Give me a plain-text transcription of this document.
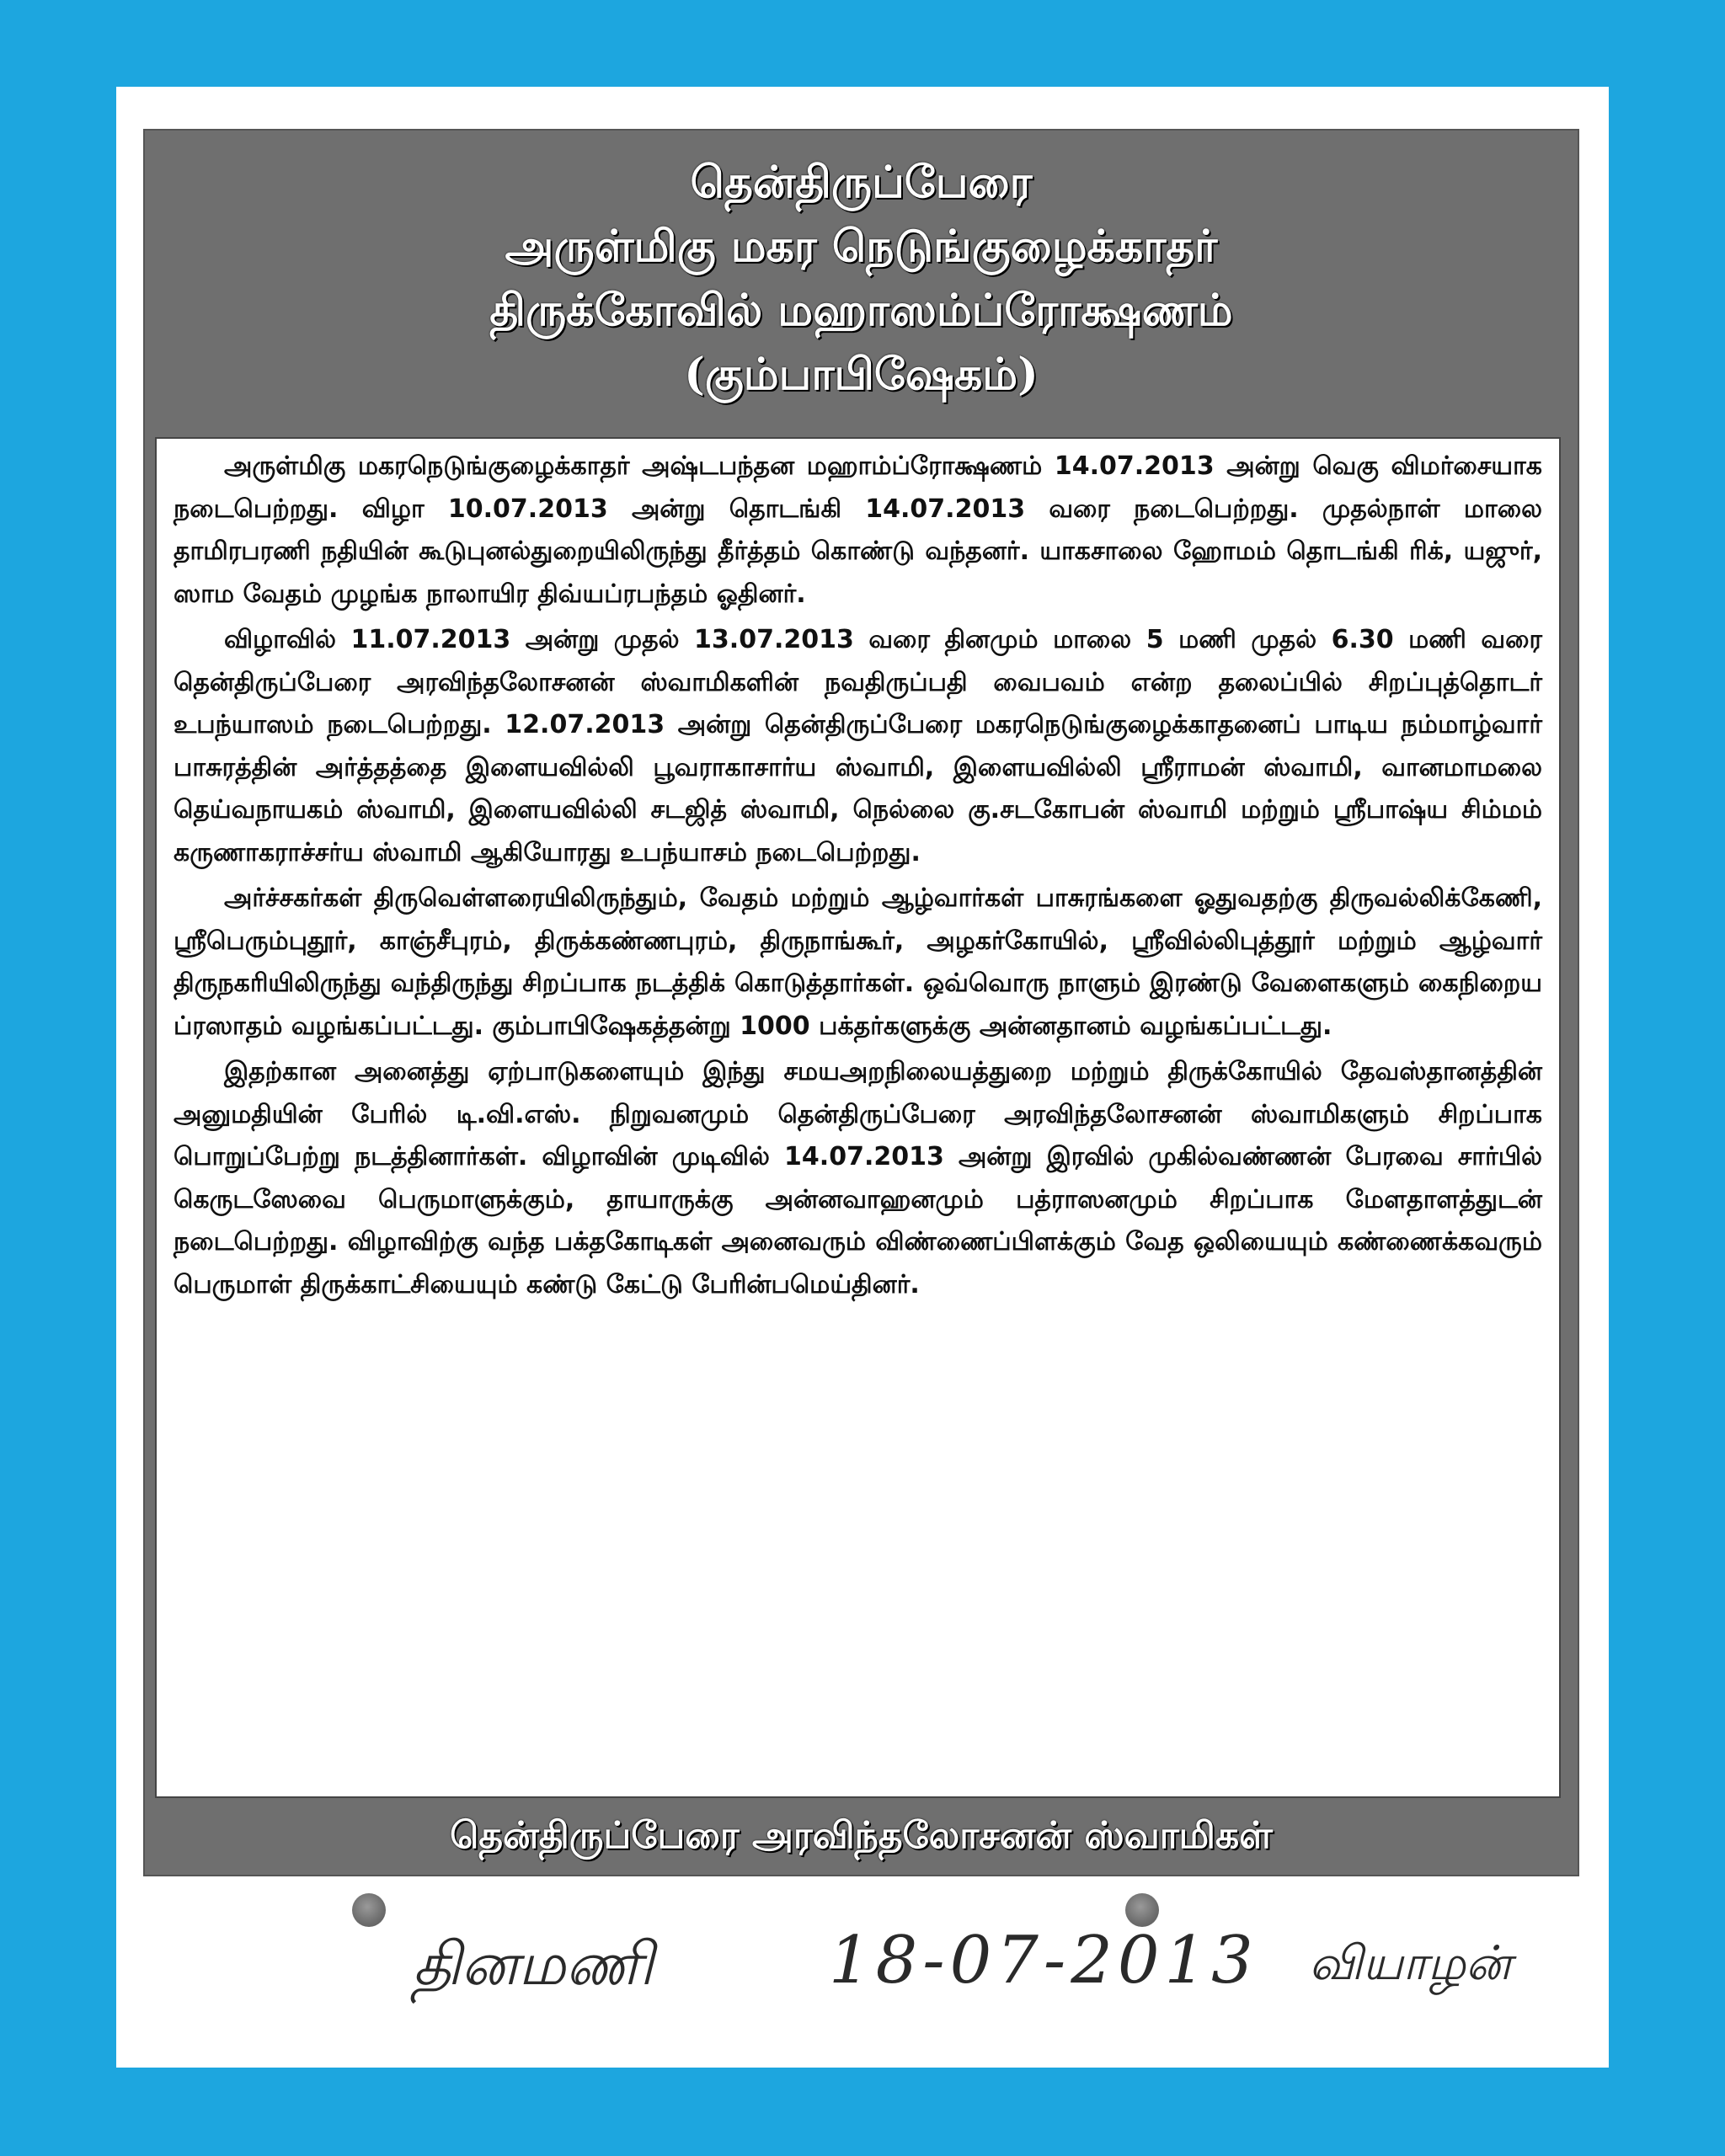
தென்திருப்பேரை
அருள்மிகு மகர நெடுங்குழைக்காதர்
திருக்கோவில் மஹாஸம்ப்ரோக்ஷணம்
(கும்பாபிஷேகம்)

அருள்மிகு மகரநெடுங்குழைக்காதர் அஷ்டபந்தன மஹாம்ப்ரோக்ஷணம் 14.07.2013 அன்று வெகு விமர்சையாக நடைபெற்றது. விழா 10.07.2013 அன்று தொடங்கி 14.07.2013 வரை நடைபெற்றது. முதல்நாள் மாலை தாமிரபரணி நதியின் கூடுபுனல்துறையிலிருந்து தீர்த்தம் கொண்டு வந்தனர். யாகசாலை ஹோமம் தொடங்கி ரிக், யஜுர், ஸாம வேதம் முழங்க நாலாயிர திவ்யப்ரபந்தம் ஓதினர்.

விழாவில் 11.07.2013 அன்று முதல் 13.07.2013 வரை தினமும் மாலை 5 மணி முதல் 6.30 மணி வரை தென்திருப்பேரை அரவிந்தலோசனன் ஸ்வாமிகளின் நவதிருப்பதி வைபவம் என்ற தலைப்பில் சிறப்புத்தொடர் உபந்யாஸம் நடைபெற்றது. 12.07.2013 அன்று தென்திருப்பேரை மகரநெடுங்குழைக்காதனைப் பாடிய நம்மாழ்வார் பாசுரத்தின் அர்த்தத்தை இளையவில்லி பூவராகாசார்ய ஸ்வாமி, இளையவில்லி ஸ்ரீராமன் ஸ்வாமி, வானமாமலை தெய்வநாயகம் ஸ்வாமி, இளையவில்லி சடஜித் ஸ்வாமி, நெல்லை கு.சடகோபன் ஸ்வாமி மற்றும் ஸ்ரீபாஷ்ய சிம்மம் கருணாகராச்சர்ய ஸ்வாமி ஆகியோரது உபந்யாசம் நடைபெற்றது.

அர்ச்சகர்கள் திருவெள்ளரையிலிருந்தும், வேதம் மற்றும் ஆழ்வார்கள் பாசுரங்களை ஓதுவதற்கு திருவல்லிக்கேணி, ஸ்ரீபெரும்புதூர், காஞ்சீபுரம், திருக்கண்ணபுரம், திருநாங்கூர், அழகர்கோயில், ஸ்ரீவில்லிபுத்தூர் மற்றும் ஆழ்வார் திருநகரியிலிருந்து வந்திருந்து சிறப்பாக நடத்திக் கொடுத்தார்கள். ஒவ்வொரு நாளும் இரண்டு வேளைகளும் கைநிறைய ப்ரஸாதம் வழங்கப்பட்டது. கும்பாபிஷேகத்தன்று 1000 பக்தர்களுக்கு அன்னதானம் வழங்கப்பட்டது.

இதற்கான அனைத்து ஏற்பாடுகளையும் இந்து சமயஅறநிலையத்துறை மற்றும் திருக்கோயில் தேவஸ்தானத்தின் அனுமதியின் பேரில் டி.வி.எஸ். நிறுவனமும் தென்திருப்பேரை அரவிந்தலோசனன் ஸ்வாமிகளும் சிறப்பாக பொறுப்பேற்று நடத்தினார்கள். விழாவின் முடிவில் 14.07.2013 அன்று இரவில் முகில்வண்ணன் பேரவை சார்பில் கெருடஸேவை பெருமாளுக்கும், தாயாருக்கு அன்னவாஹனமும் பத்ராஸனமும் சிறப்பாக மேளதாளத்துடன் நடைபெற்றது. விழாவிற்கு வந்த பக்தகோடிகள் அனைவரும் விண்ணைப்பிளக்கும் வேத ஒலியையும் கண்ணைக்கவரும் பெருமாள் திருக்காட்சியையும் கண்டு கேட்டு பேரின்பமெய்தினர்.

தென்திருப்பேரை அரவிந்தலோசனன் ஸ்வாமிகள்
தினமணி	18-07-2013 வியாழன்
